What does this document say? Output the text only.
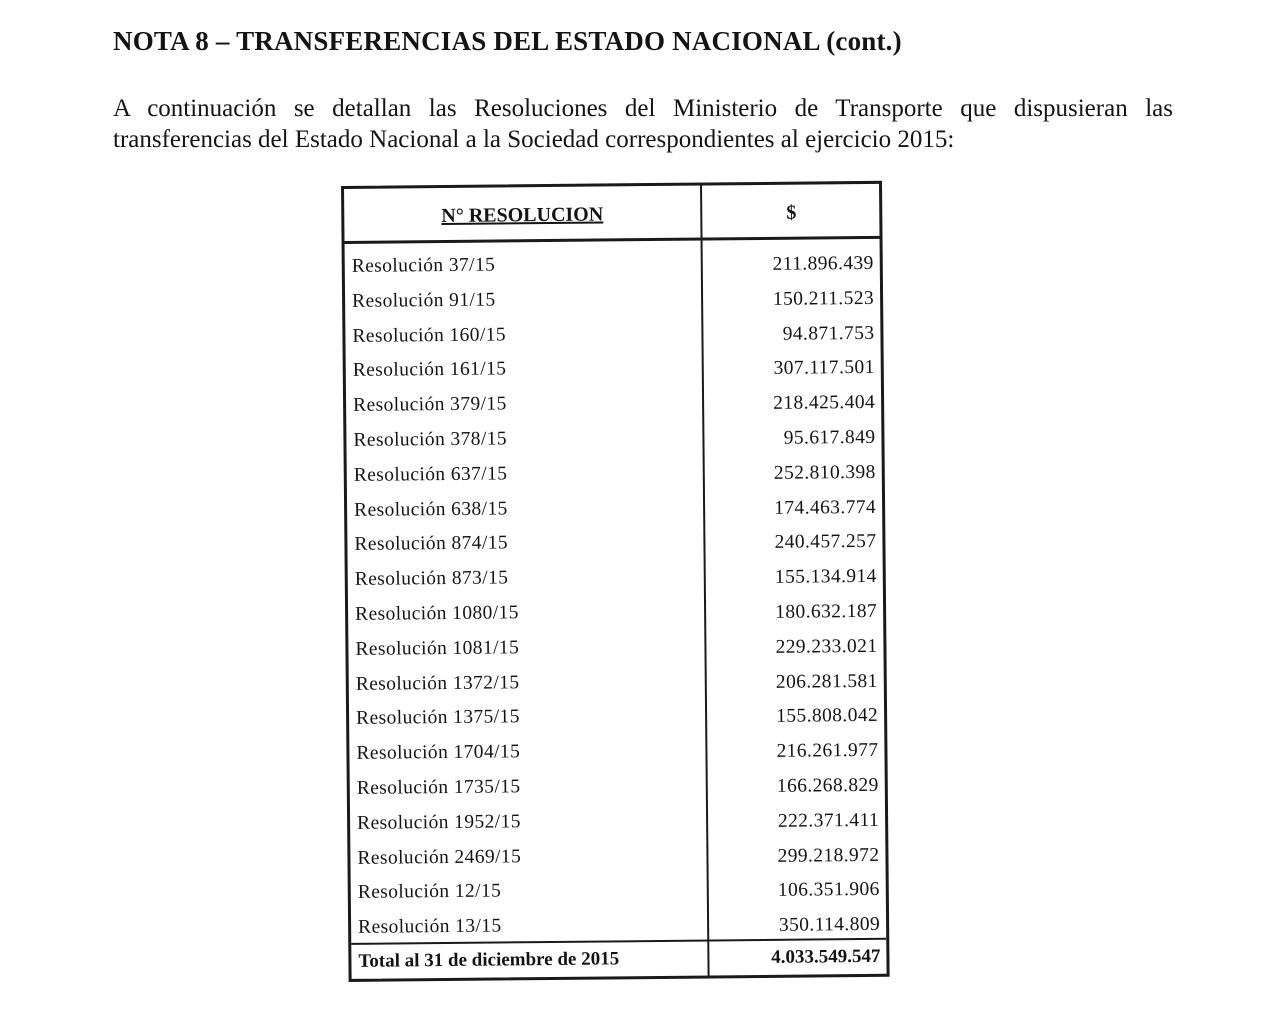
NOTA 8 – TRANSFERENCIAS DEL ESTADO NACIONAL (cont.)
A continuación se detallan las Resoluciones del Ministerio de Transporte que dispusieran las transferencias del Estado Nacional a la Sociedad correspondientes al ejercicio 2015:
N° RESOLUCION	$
Resolución 37/15	211.896.439
Resolución 91/15	150.211.523
Resolución 160/15	94.871.753
Resolución 161/15	307.117.501
Resolución 379/15	218.425.404
Resolución 378/15	95.617.849
Resolución 637/15	252.810.398
Resolución 638/15	174.463.774
Resolución 874/15	240.457.257
Resolución 873/15	155.134.914
Resolución 1080/15	180.632.187
Resolución 1081/15	229.233.021
Resolución 1372/15	206.281.581
Resolución 1375/15	155.808.042
Resolución 1704/15	216.261.977
Resolución 1735/15	166.268.829
Resolución 1952/15	222.371.411
Resolución 2469/15	299.218.972
Resolución 12/15	106.351.906
Resolución 13/15	350.114.809
Total al 31 de diciembre de 2015	4.033.549.547
